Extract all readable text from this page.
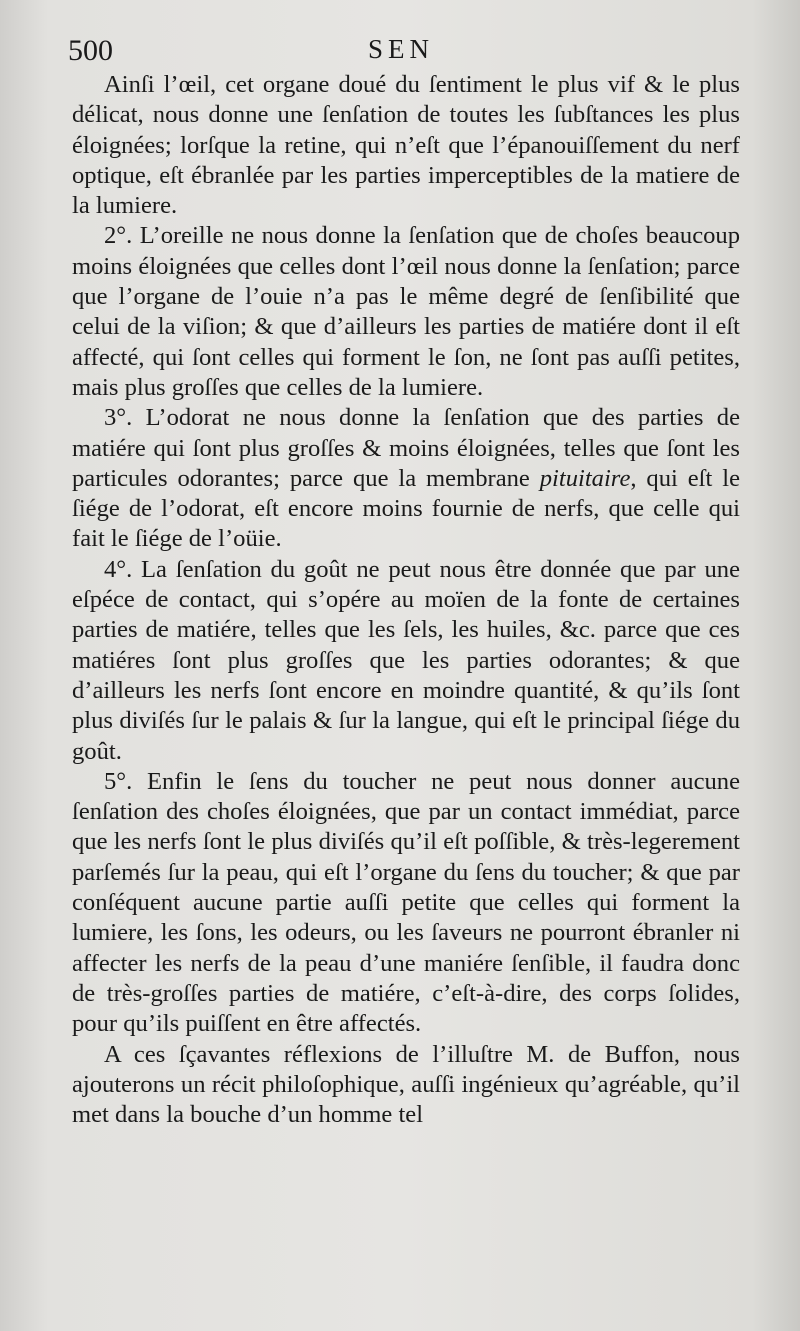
500	SEN

Ainſi l’œil, cet organe doué du ſentiment le plus vif & le plus délicat, nous donne une ſenſation de toutes les ſubſtances les plus éloignées; lorſque la retine, qui n’eſt que l’épanouiſſement du nerf optique, eſt ébranlée par les parties imperceptibles de la matiere de la lumiere.

2°. L’oreille ne nous donne la ſenſation que de choſes beaucoup moins éloignées que celles dont l’œil nous donne la ſenſation; parce que l’organe de l’ouie n’a pas le même degré de ſenſibilité que celui de la viſion; & que d’ailleurs les parties de matiére dont il eſt affecté, qui ſont celles qui forment le ſon, ne ſont pas auſſi petites, mais plus groſſes que celles de la lumiere.

3°. L’odorat ne nous donne la ſenſation que des parties de matiére qui ſont plus groſſes & moins éloignées, telles que ſont les particules odorantes; parce que la membrane pituitaire, qui eſt le ſiége de l’odorat, eſt encore moins fournie de nerfs, que celle qui fait le ſiége de l’oüie.

4°. La ſenſation du goût ne peut nous être donnée que par une eſpéce de contact, qui s’opére au moïen de la fonte de certaines parties de matiére, telles que les ſels, les huiles, &c. parce que ces matiéres ſont plus groſſes que les parties odorantes; & que d’ailleurs les nerfs ſont encore en moindre quantité, & qu’ils ſont plus diviſés ſur le palais & ſur la langue, qui eſt le principal ſiége du goût.

5°. Enfin le ſens du toucher ne peut nous donner aucune ſenſation des choſes éloignées, que par un contact immédiat, parce que les nerfs ſont le plus diviſés qu’il eſt poſſible, & très-legerement parſemés ſur la peau, qui eſt l’organe du ſens du toucher; & que par conſéquent aucune partie auſſi petite que celles qui forment la lumiere, les ſons, les odeurs, ou les ſaveurs ne pourront ébranler ni affecter les nerfs de la peau d’une maniére ſenſible, il faudra donc de très-groſſes parties de matiére, c’eſt-à-dire, des corps ſolides, pour qu’ils puiſſent en être affectés.

A ces ſçavantes réflexions de l’illuſtre M. de Buffon, nous ajouterons un récit philoſophique, auſſi ingénieux qu’agréable, qu’il met dans la bouche d’un homme tel
